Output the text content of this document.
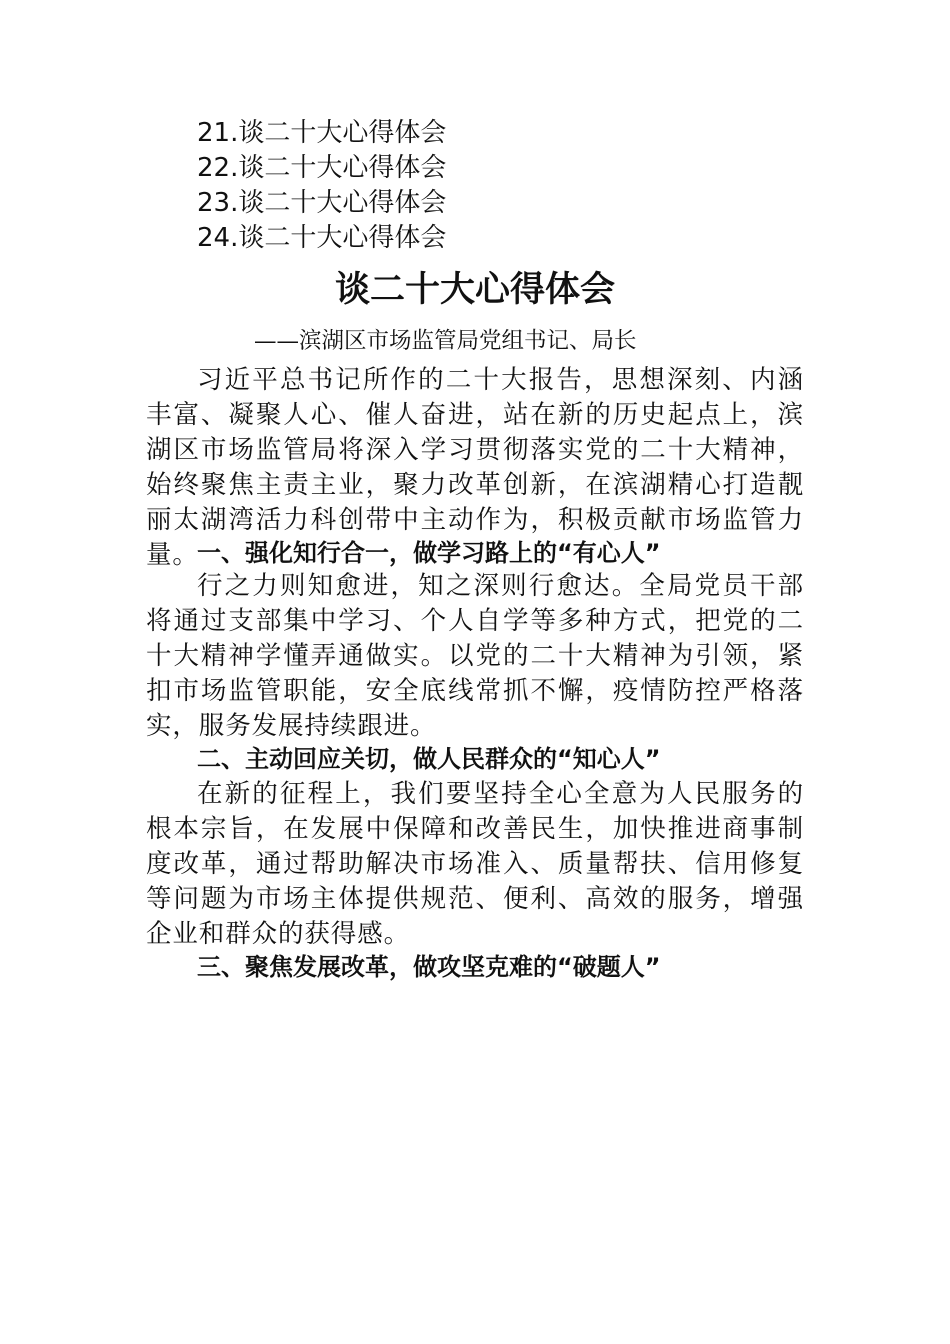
21.谈二十大心得体会
22.谈二十大心得体会
23.谈二十大心得体会
24.谈二十大心得体会
谈二十大心得体会

——滨湖区市场监管局党组书记、局长

习近平总书记所作的二十大报告，思想深刻、内涵丰富、凝聚人心、催人奋进，站在新的历史起点上，滨湖区市场监管局将深入学习贯彻落实党的二十大精神，始终聚焦主责主业，聚力改革创新，在滨湖精心打造靓丽太湖湾活力科创带中主动作为，积极贡献市场监管力量。

一、强化知行合一，做学习路上的“有心人”

行之力则知愈进，知之深则行愈达。全局党员干部将通过支部集中学习、个人自学等多种方式，把党的二十大精神学懂弄通做实。以党的二十大精神为引领，紧扣市场监管职能，安全底线常抓不懈，疫情防控严格落实，服务发展持续跟进。

二、主动回应关切，做人民群众的“知心人”

在新的征程上，我们要坚持全心全意为人民服务的根本宗旨，在发展中保障和改善民生，加快推进商事制度改革，通过帮助解决市场准入、质量帮扶、信用修复等问题为市场主体提供规范、便利、高效的服务，增强企业和群众的获得感。

三、聚焦发展改革，做攻坚克难的“破题人”
